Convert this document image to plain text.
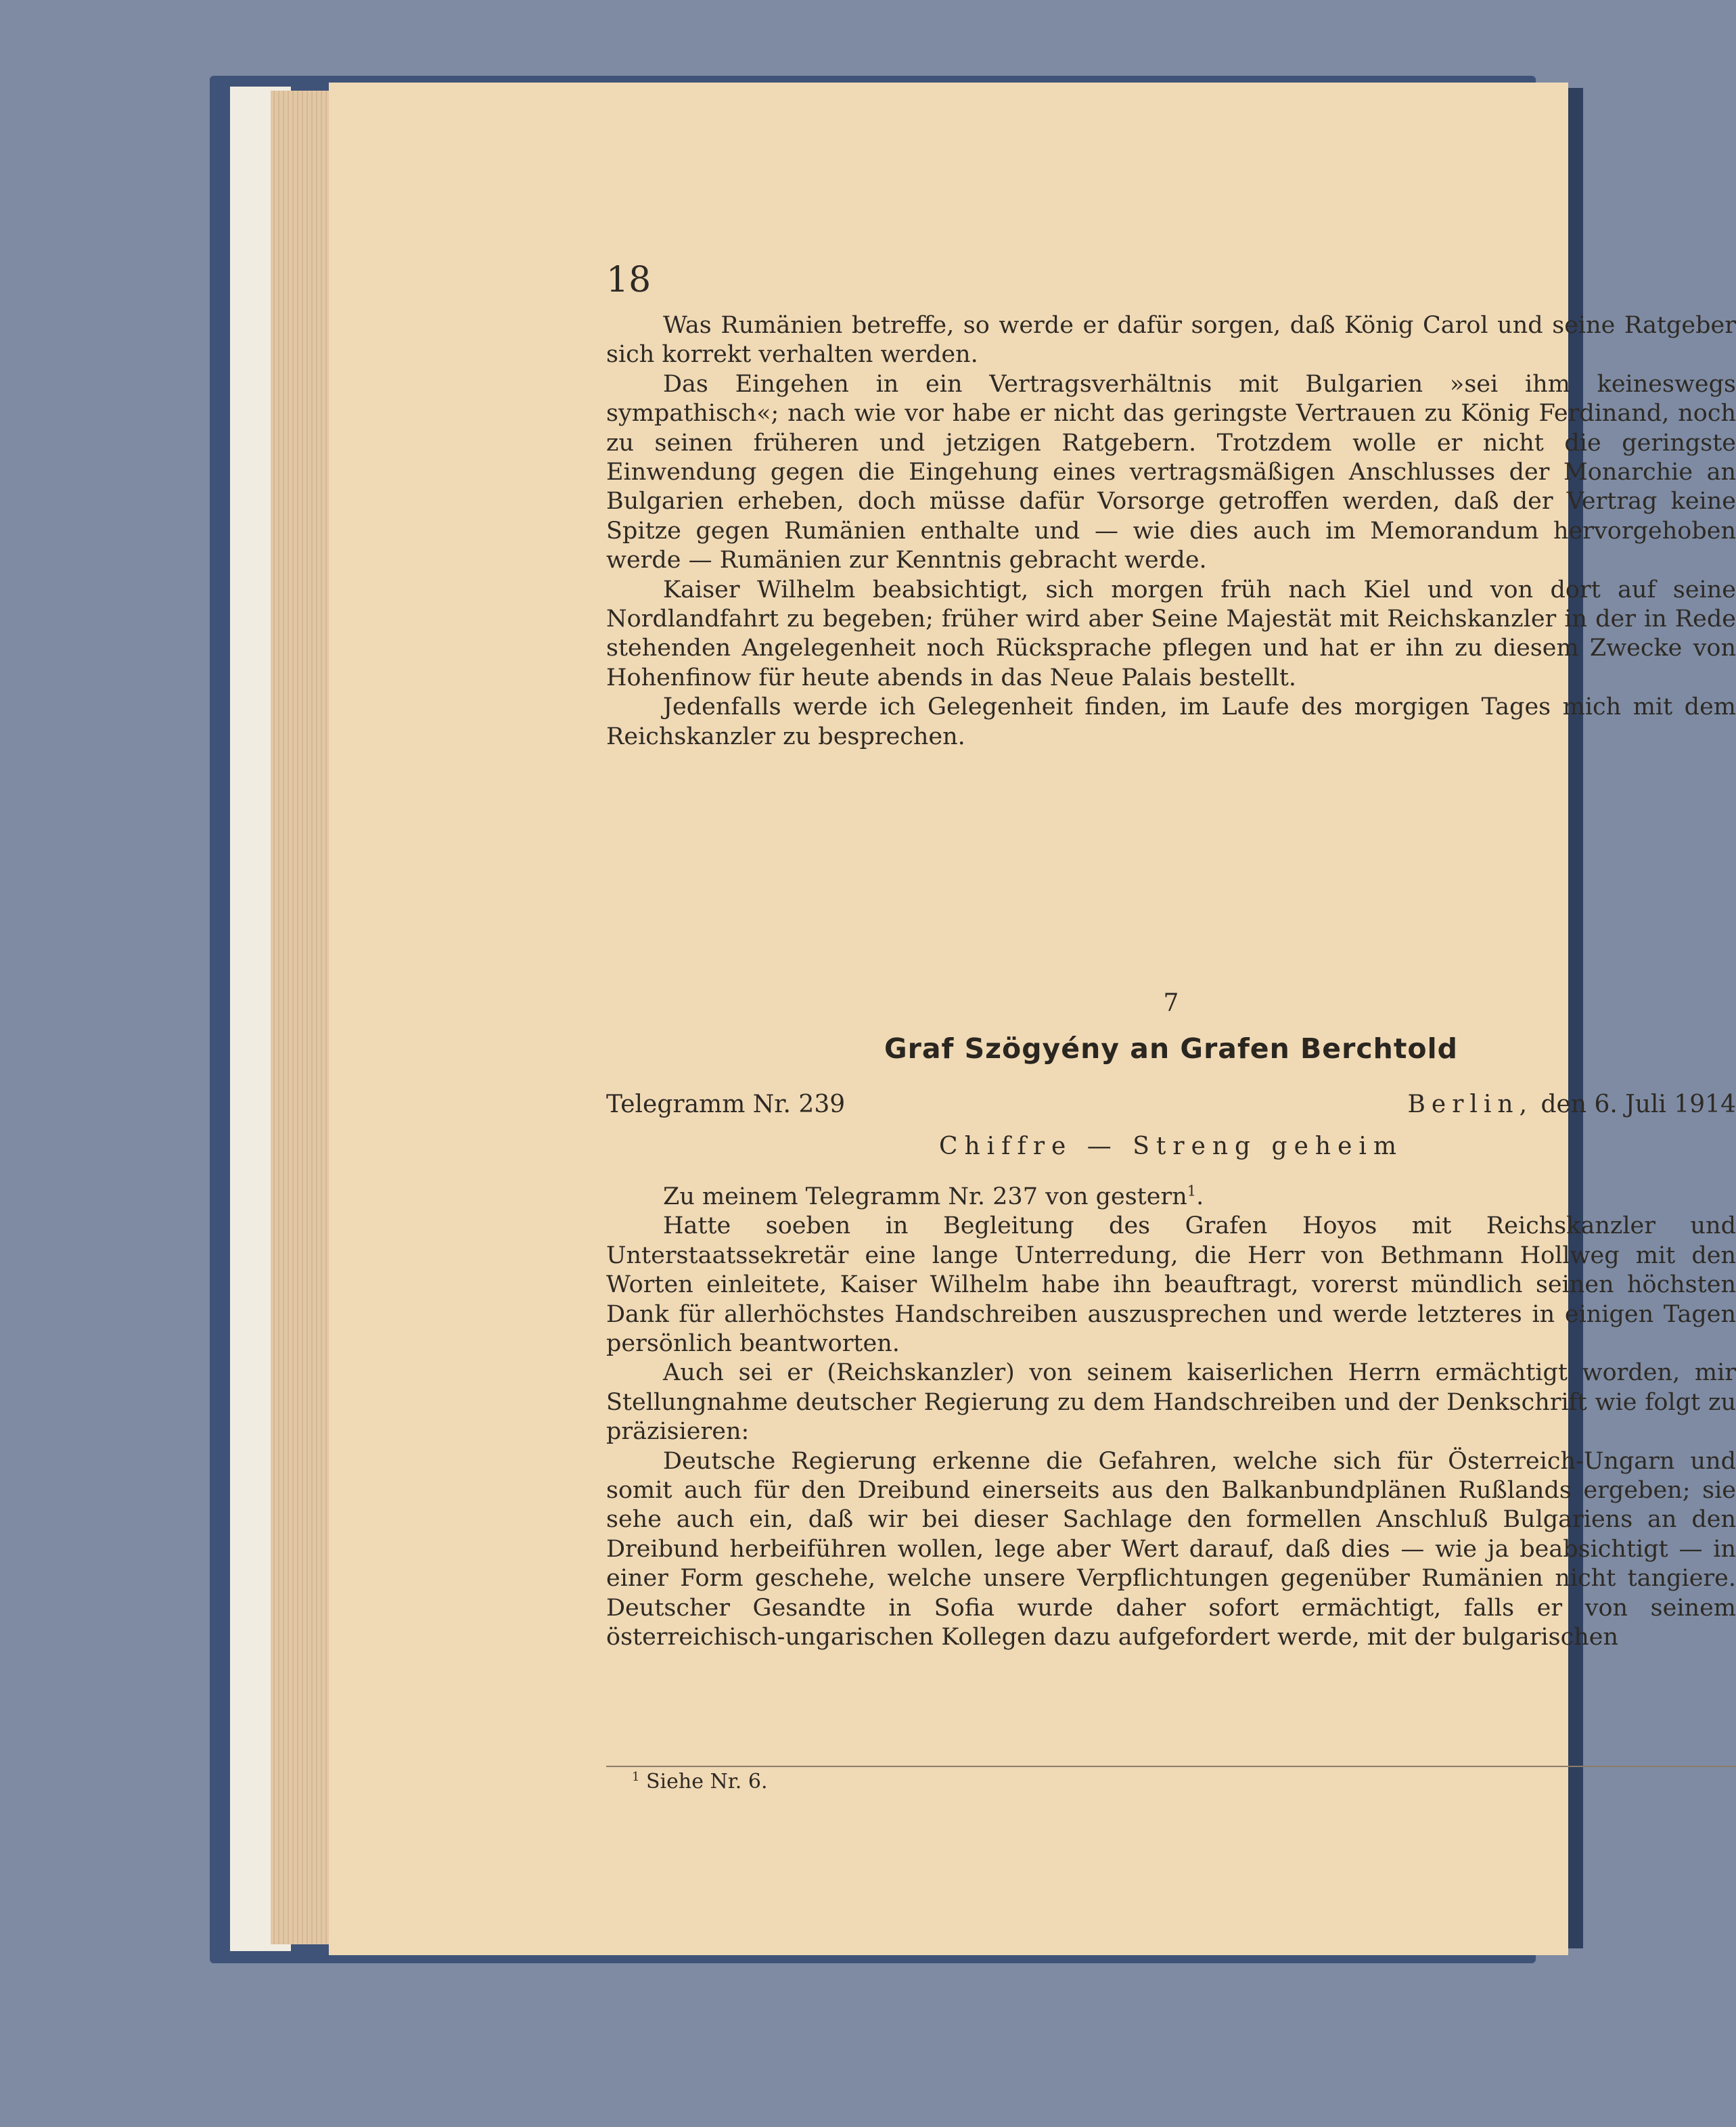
18

Was Rumänien betreffe, so werde er dafür sorgen, daß König Carol und seine Ratgeber sich korrekt verhalten werden.

Das Eingehen in ein Vertragsverhältnis mit Bulgarien »sei ihm keineswegs sympathisch«; nach wie vor habe er nicht das geringste Vertrauen zu König Ferdinand, noch zu seinen früheren und jetzigen Ratgebern. Trotzdem wolle er nicht die geringste Einwendung gegen die Eingehung eines vertragsmäßigen Anschlusses der Monarchie an Bulgarien erheben, doch müsse dafür Vorsorge getroffen werden, daß der Vertrag keine Spitze gegen Rumänien enthalte und — wie dies auch im Memorandum hervorgehoben werde — Rumänien zur Kenntnis gebracht werde.

Kaiser Wilhelm beabsichtigt, sich morgen früh nach Kiel und von dort auf seine Nordlandfahrt zu begeben; früher wird aber Seine Majestät mit Reichskanzler in der in Rede stehenden Angelegenheit noch Rücksprache pflegen und hat er ihn zu diesem Zwecke von Hohenfinow für heute abends in das Neue Palais bestellt.

Jedenfalls werde ich Gelegenheit finden, im Laufe des morgigen Tages mich mit dem Reichskanzler zu besprechen.

7
Graf Szögyény an Grafen Berchtold
Telegramm Nr. 239	Berlin, den 6. Juli 1914
Chiffre — Streng geheim

Zu meinem Telegramm Nr. 237 von gestern$^1$.

Hatte soeben in Begleitung des Grafen Hoyos mit Reichskanzler und Unterstaatssekretär eine lange Unterredung, die Herr von Bethmann Hollweg mit den Worten einleitete, Kaiser Wilhelm habe ihn beauftragt, vorerst mündlich seinen höchsten Dank für allerhöchstes Handschreiben auszusprechen und werde letzteres in einigen Tagen persönlich beantworten.

Auch sei er (Reichskanzler) von seinem kaiserlichen Herrn ermächtigt worden, mir Stellungnahme deutscher Regierung zu dem Handschreiben und der Denkschrift wie folgt zu präzisieren:

Deutsche Regierung erkenne die Gefahren, welche sich für Österreich-Ungarn und somit auch für den Dreibund einerseits aus den Balkanbundplänen Rußlands ergeben; sie sehe auch ein, daß wir bei dieser Sachlage den formellen Anschluß Bulgariens an den Dreibund herbeiführen wollen, lege aber Wert darauf, daß dies — wie ja beabsichtigt — in einer Form geschehe, welche unsere Verpflichtungen gegenüber Rumänien nicht tangiere. Deutscher Gesandte in Sofia wurde daher sofort ermächtigt, falls er von seinem österreichisch-ungarischen Kollegen dazu aufgefordert werde, mit der bulgarischen

$^1$ Siehe Nr. 6.
